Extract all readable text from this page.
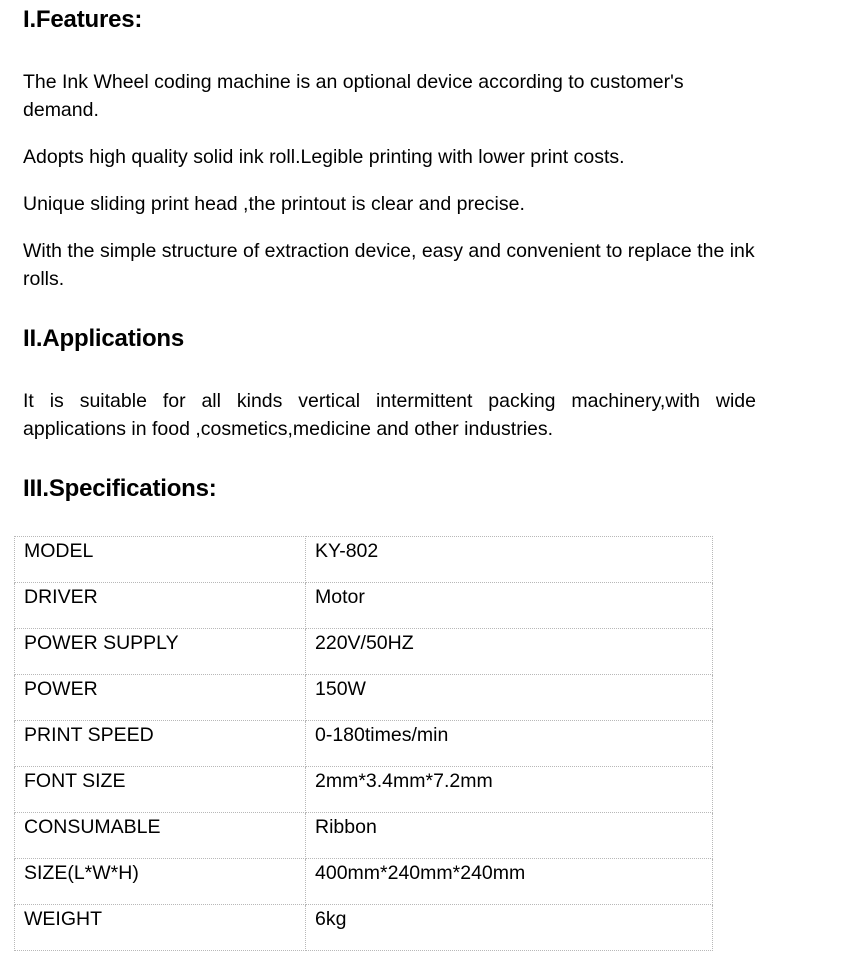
I.Features:

The Ink Wheel coding machine is an optional device according to customer's demand.

Adopts high quality solid ink roll.Legible printing with lower print costs.

Unique sliding print head ,the printout is clear and precise.

With the simple structure of extraction device, easy and convenient to replace the ink rolls.

II.Applications

It is suitable for all kinds vertical intermittent packing machinery,with wide applications in food ,cosmetics,medicine and other industries.

III.Specifications:
MODEL	KY-802
DRIVER	Motor
POWER SUPPLY	220V/50HZ
POWER	150W
PRINT SPEED	0-180times/min
FONT SIZE	2mm*3.4mm*7.2mm
CONSUMABLE	Ribbon
SIZE(L*W*H)	400mm*240mm*240mm
WEIGHT	6kg
